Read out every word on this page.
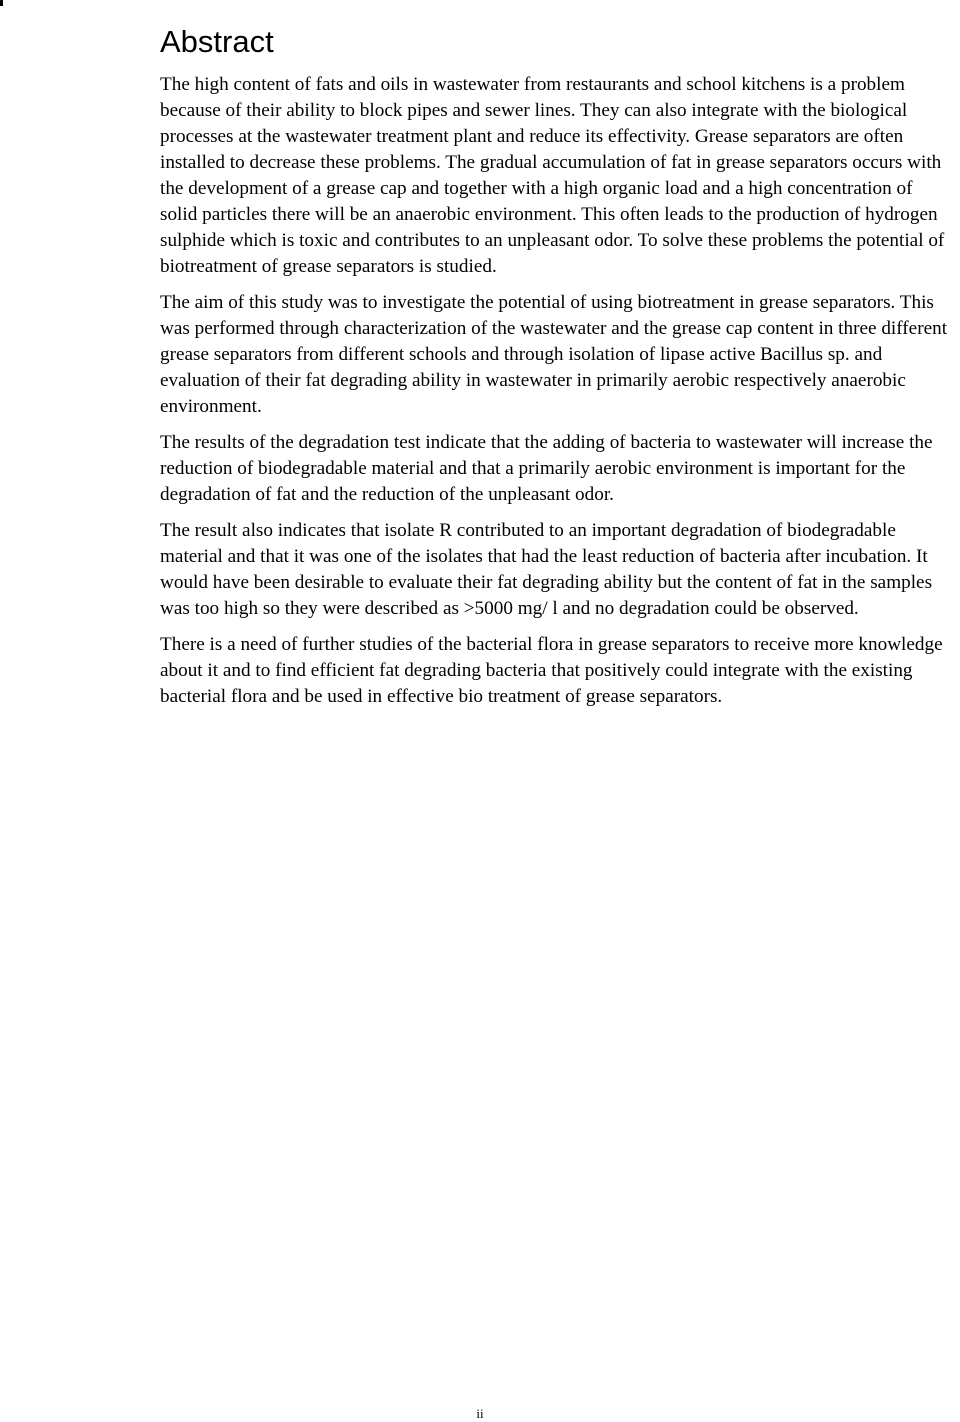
Abstract

The high content of fats and oils in wastewater from restaurants and school kitchens is a problem because of their ability to block pipes and sewer lines. They can also integrate with the biological processes at the wastewater treatment plant and reduce its effectivity. Grease separators are often installed to decrease these problems. The gradual accumulation of fat in grease separators occurs with the development of a grease cap and together with a high organic load and a high concentration of solid particles there will be an anaerobic environment. This often leads to the production of hydrogen sulphide which is toxic and contributes to an unpleasant odor. To solve these problems the potential of biotreatment of grease separators is studied.

The aim of this study was to investigate the potential of using biotreatment in grease separators. This was performed through characterization of the wastewater and the grease cap content in three different grease separators from different schools and through isolation of lipase active Bacillus sp. and evaluation of their fat degrading ability in wastewater in primarily aerobic respectively anaerobic environment.

The results of the degradation test indicate that the adding of bacteria to wastewater will increase the reduction of biodegradable material and that a primarily aerobic environment is important for the degradation of fat and the reduction of the unpleasant odor.

The result also indicates that isolate R contributed to an important degradation of biodegradable material and that it was one of the isolates that had the least reduction of bacteria after incubation. It would have been desirable to evaluate their fat degrading ability but the content of fat in the samples was too high so they were described as >5000 mg/ l and no degradation could be observed.

There is a need of further studies of the bacterial flora in grease separators to receive more knowledge about it and to find efficient fat degrading bacteria that positively could integrate with the existing bacterial flora and be used in effective bio treatment of grease separators.

ii
